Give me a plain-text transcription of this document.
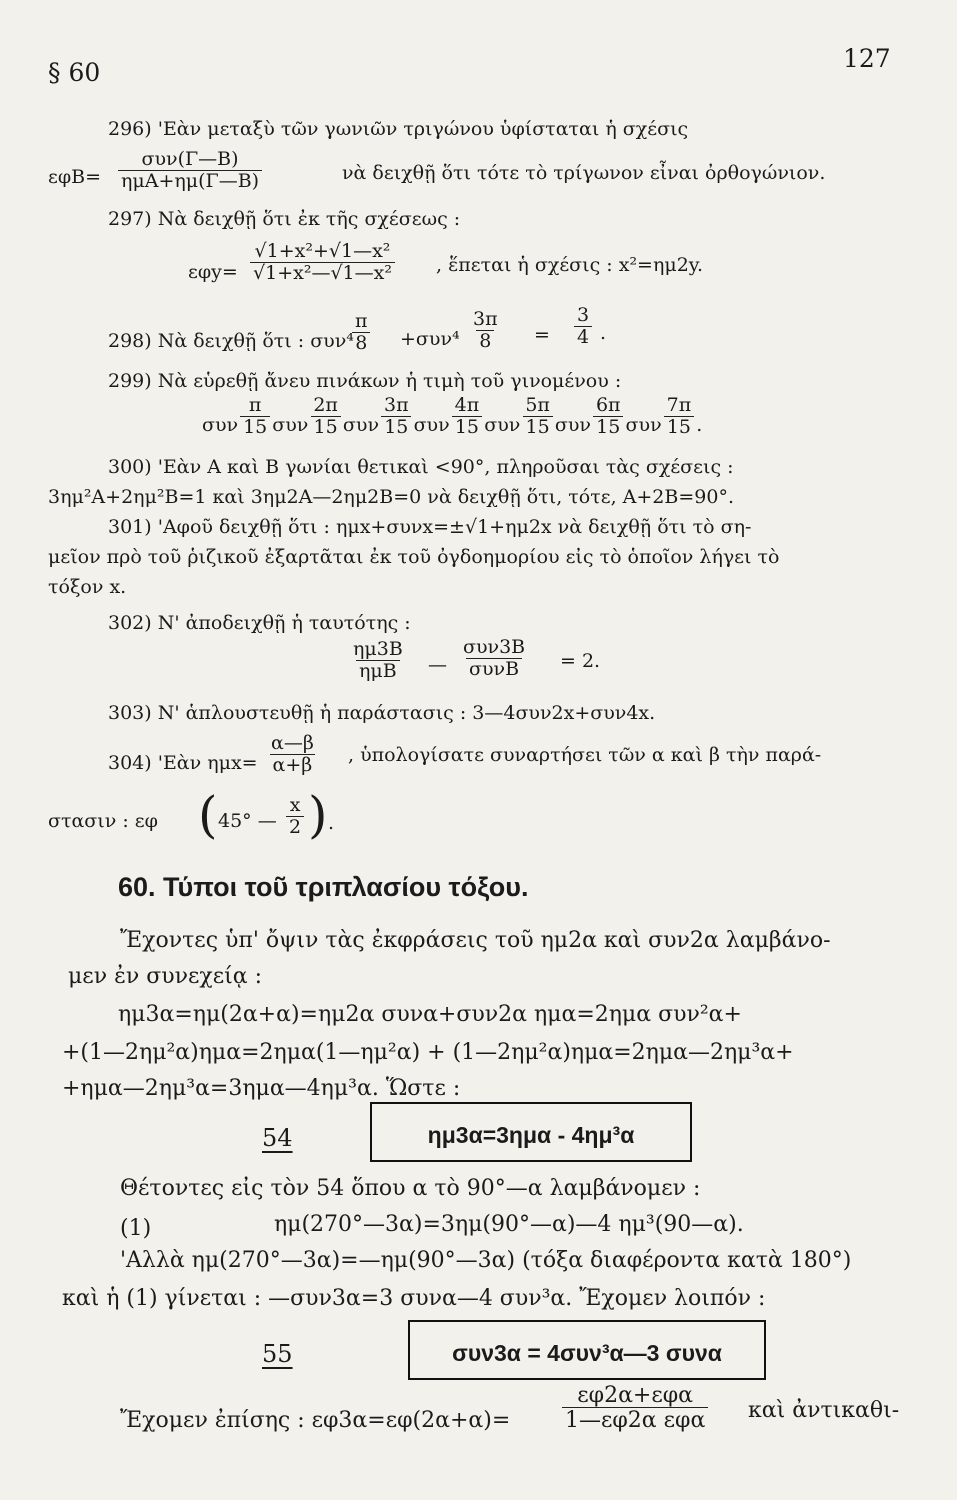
§ 60	127
296) 'Εὰν μεταξὺ τῶν γωνιῶν τριγώνου ὑφίσταται ἡ σχέσις
εφB=
συν(Γ—B)
ημA+ημ(Γ—B)	νὰ δειχθῇ ὅτι τότε τὸ τρίγωνον εἶναι ὀρθογώνιον.
297) Νὰ δειχθῇ ὅτι ἐκ τῆς σχέσεως :
$\varepsilon\varphi y= \frac{\text{√1+x²+√1—x²}}{\text{√1+x²—√1—x²}}$ , ἕπεται ἡ σχέσις : x²=ημ2y.
298) Νὰ δειχθῇ ὅτι : συν⁴
$\frac{\pi}{8} +\sigma\upsilon\nu^4 \frac{3\pi}{8} = \frac{3}{4}$ .
299) Νὰ εὑρεθῇ ἄνευ πινάκων ἡ τιμὴ τοῦ γινομένου :
συν $\frac{\pi}{15}$ συν $\frac{2\pi}{15}$ συν $\frac{3\pi}{15}$ συν $\frac{4\pi}{15}$ συν $\frac{5\pi}{15}$ συν $\frac{6\pi}{15}$ συν $\frac{7\pi}{15}$ .
300) 'Εὰν A καὶ B γωνίαι θετικαὶ <90°, πληροῦσαι τὰς σχέσεις :
3ημ²A+2ημ²B=1 καὶ 3ημ2A—2ημ2B=0 νὰ δειχθῇ ὅτι, τότε, A+2B=90°.
301) 'Αφοῦ δειχθῇ ὅτι : ημx+συνx=±√1+ημ2x νὰ δειχθῇ ὅτι τὸ ση-
μεῖον πρὸ τοῦ ῥιζικοῦ ἐξαρτᾶται ἐκ τοῦ ὀγδοημορίου εἰς τὸ ὁποῖον λήγει τὸ
τόξον x.
302) Ν' ἀποδειχθῇ ἡ ταυτότης :
ημ3B
ημB —
συν3B
συνB = 2.
303) Ν' ἁπλουστευθῇ ἡ παράστασις : 3—4συν2x+συν4x.
304) 'Εὰν $\eta\mu x= \frac{\alpha—\beta}{\alpha+\beta}$ , ὑπολογίσατε συναρτήσει τῶν α καὶ β τὴν παρά-
στασιν : εφ ( 45° — $\frac{x}{2}$ ) .
60. Τύποι τοῦ τριπλασίου τόξου.
Ἔχοντες ὑπ' ὄψιν τὰς ἐκφράσεις τοῦ ημ2α καὶ συν2α λαμβάνο-
μεν ἐν συνεχείᾳ :
ημ3α=ημ(2α+α)=ημ2α συνα+συν2α ημα=2ημα συν²α+
+(1—2ημ²α)ημα=2ημα(1—ημ²α) + (1—2ημ²α)ημα=2ημα—2ημ³α+
+ημα—2ημ³α=3ημα—4ημ³α. Ὥστε :
54	ημ3α=3ημα - 4ημ³α
Θέτοντες εἰς τὸν 54 ὅπου α τὸ 90°—α λαμβάνομεν :
(1)	ημ(270°—3α)=3ημ(90°—α)—4 ημ³(90—α).
'Αλλὰ ημ(270°—3α)=—ημ(90°—3α) (τόξα διαφέροντα κατὰ 180°)
καὶ ἡ (1) γίνεται : —συν3α=3 συνα—4 συν³α. Ἔχομεν λοιπόν :
55	συν3α = 4συν³α—3 συνα
Ἔχομεν ἐπίσης : εφ3α=εφ(2α+α)=
εφ2α+εφα
1—εφ2α εφα καὶ ἀντικαθι-
